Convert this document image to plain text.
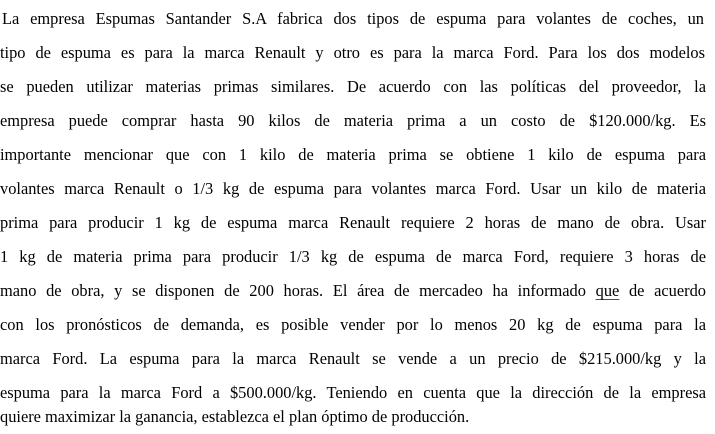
La empresa Espumas Santander S.A fabrica dos tipos de espuma para volantes de coches, un
tipo de espuma es para la marca Renault y otro es para la marca Ford. Para los dos modelos
se pueden utilizar materias primas similares. De acuerdo con las políticas del proveedor, la
empresa puede comprar hasta 90 kilos de materia prima a un costo de $120.000/kg. Es
importante mencionar que con 1 kilo de materia prima se obtiene 1 kilo de espuma para
volantes marca Renault o 1/3 kg de espuma para volantes marca Ford. Usar un kilo de materia
prima para producir 1 kg de espuma marca Renault requiere 2 horas de mano de obra. Usar
1 kg de materia prima para producir 1/3 kg de espuma de marca Ford, requiere 3 horas de
mano de obra, y se disponen de 200 horas. El área de mercadeo ha informado que de acuerdo
con los pronósticos de demanda, es posible vender por lo menos 20 kg de espuma para la
marca Ford. La espuma para la marca Renault se vende a un precio de $215.000/kg y la
espuma para la marca Ford a $500.000/kg. Teniendo en cuenta que la dirección de la empresa
quiere maximizar la ganancia, establezca el plan óptimo de producción.
